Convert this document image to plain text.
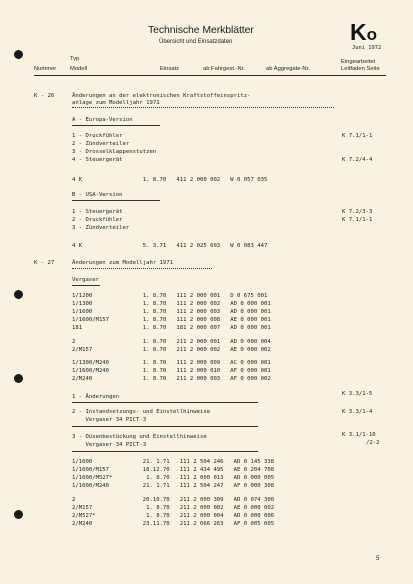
Technische Merkblätter
Übersicht und Einsatzdaten	Ko
Juni 1972
Typ
Nummer Modell	Einsatz	ab Fahrgest.-Nr.	ab Aggregate-Nr.
Eingearbeitet
Leitfaden Seite
K - 26	Änderungen an der elektronischen Kraftstoffeinspritz-
anlage zum Modelljahr 1971
A - Europa-Version
1 - Druckfühler	K 7.1/1-1
2 - Zündverteiler
3 - Drosselklappenstutzen
4 - Steuergerät	K 7.2/4-4
4 K                  1. 8.70   411 2 000 002   W 0 057 035
B - USA-Version
1 - Steuergerät	K 7.2/3-3
2 - Druckfühler	K 7.1/1-1
3 - Zündverteiler
4 K                  5. 3.71   411 2 025 603   W 0 083 447
K - 27	Änderungen zum Modelljahr 1971
Vergaser
1/1200               1. 8.70   111 2 000 001   D 0 675 001
1/1300               1. 8.70   111 2 000 002   AD 0 000 001
1/1600               1. 8.70   111 2 000 003   AD 0 000 001
1/1600/M157          1. 8.70   111 2 000 008   AE 0 000 001
181                  1. 8.70   181 2 000 007   AD 0 000 001
2                    1. 8.70   211 2 000 001   AD 0 000 004
2/M157               1. 8.70   211 2 000 002   AE 0 000 002
1/1300/M240          1. 8.70   111 2 000 009   AC 0 000 001
1/1600/M240          1. 8.70   111 2 000 010   AF 0 000 001
2/M240               1. 8.70   211 2 000 003   AF 0 000 002
1 - Änderungen	K 3.3/1-5
2 - Instandsetzungs- und Einstellhinweise	K 3.3/1-4
Vergaser 34 PICT-3
3 - Düsenbestückung und Einstellhinweise	K 3.1/1-10
Vergaser 34 PICT-3	/2-2
1/1600               21. 1.71   111 2 504 246   AD 0 145 338
1/1600/M157          18.12.70   111 2 434 495   AE 0 204 708
1/1600/M527*          1. 8.70   111 2 000 013   AD 0 000 005
1/1600/M240          21. 1.71   111 2 504 247   AF 0 000 308
2                    20.10.70   211 2 000 309   AD 0 074 300
2/M157                1. 8.70   211 2 000 002   AE 0 000 002
2/M527*               1. 8.70   211 2 000 004   AD 0 000 006
2/M240               23.11.70   211 2 066 263   AF 0 005 005
5
